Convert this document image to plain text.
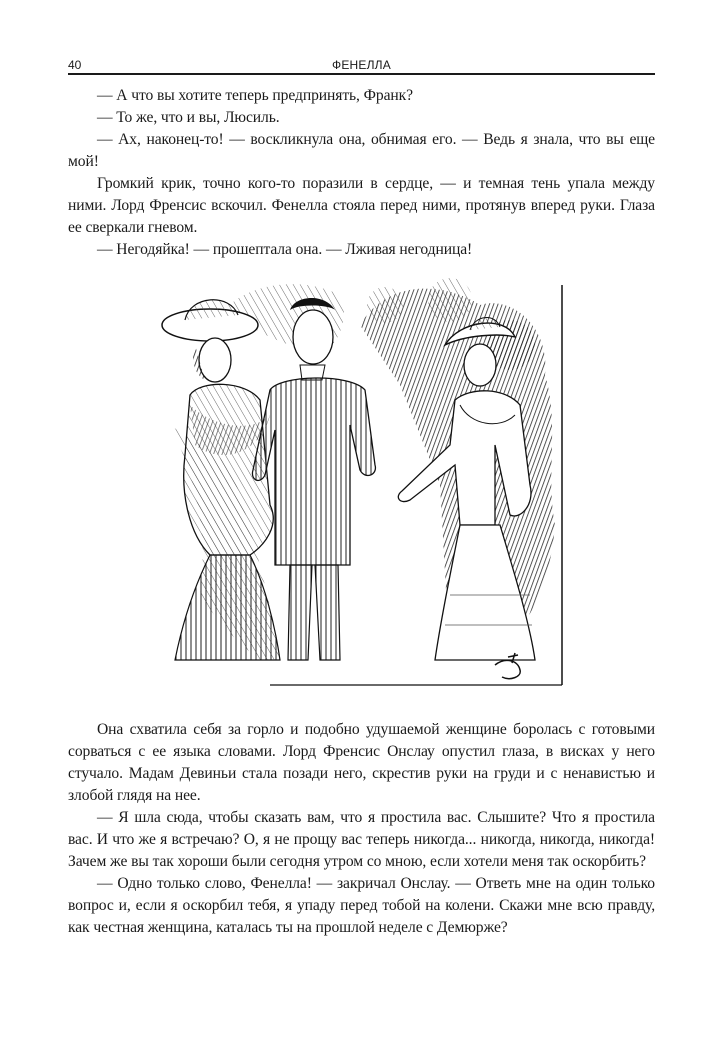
40	ФЕНЕЛЛА

— А что вы хотите теперь предпринять, Франк?

— То же, что и вы, Люсиль.

— Ах, наконец-то! — воскликнула она, обнимая его. — Ведь я знала, что вы еще мой!

Громкий крик, точно кого-то поразили в сердце, — и темная тень упала между ними. Лорд Френсис вскочил. Фенелла стояла перед ними, протянув вперед руки. Глаза ее сверкали гневом.

— Негодяйка! — прошептала она. — Лживая негодница!

Она схватила себя за горло и подобно удушаемой женщине боролась с готовыми сорваться с ее языка словами. Лорд Френсис Онслау опустил глаза, в висках у него стучало. Мадам Девиньи стала позади него, скрестив руки на груди и с ненавистью и злобой глядя на нее.

— Я шла сюда, чтобы сказать вам, что я простила вас. Слышите? Что я простила вас. И что же я встречаю? О, я не прощу вас теперь никогда... никогда, никогда, никогда! Зачем же вы так хороши были сегодня утром со мною, если хотели меня так оскорбить?

— Одно только слово, Фенелла! — закричал Онслау. — Ответь мне на один только вопрос и, если я оскорбил тебя, я упаду перед тобой на колени. Скажи мне всю правду, как честная женщина, каталась ты на прошлой неделе с Демюрже?
